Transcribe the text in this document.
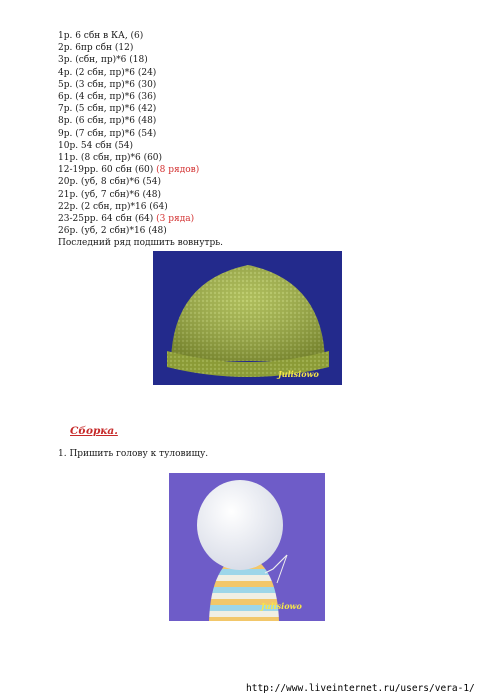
1р. 6 сбн в КА, (6)
2р. 6пр сбн (12)
3р. (сбн, пр)*6 (18)
4р. (2 сбн, пр)*6 (24)
5р. (3 сбн, пр)*6 (30)
6р. (4 сбн, пр)*6 (36)
7р. (5 сбн, пр)*6 (42)
8р. (6 сбн, пр)*6 (48)
9р. (7 сбн, пр)*6 (54)
10р. 54 сбн (54)
11р. (8 сбн, пр)*6 (60)
12-19рр. 60 сбн (60) (8 рядов)
20р. (уб, 8 сбн)*6 (54)
21р. (уб, 7 сбн)*6 (48)
22р. (2 сбн, пр)*16 (64)
23-25рр. 64 сбн (64) (3 ряда)
26р. (уб, 2 сбн)*16 (48)
Последний ряд подшить вовнутрь.
Julisiowo
Сборка.
1. Пришить голову к туловищу.
Julisiowo
http://www.liveinternet.ru/users/vera-1/
